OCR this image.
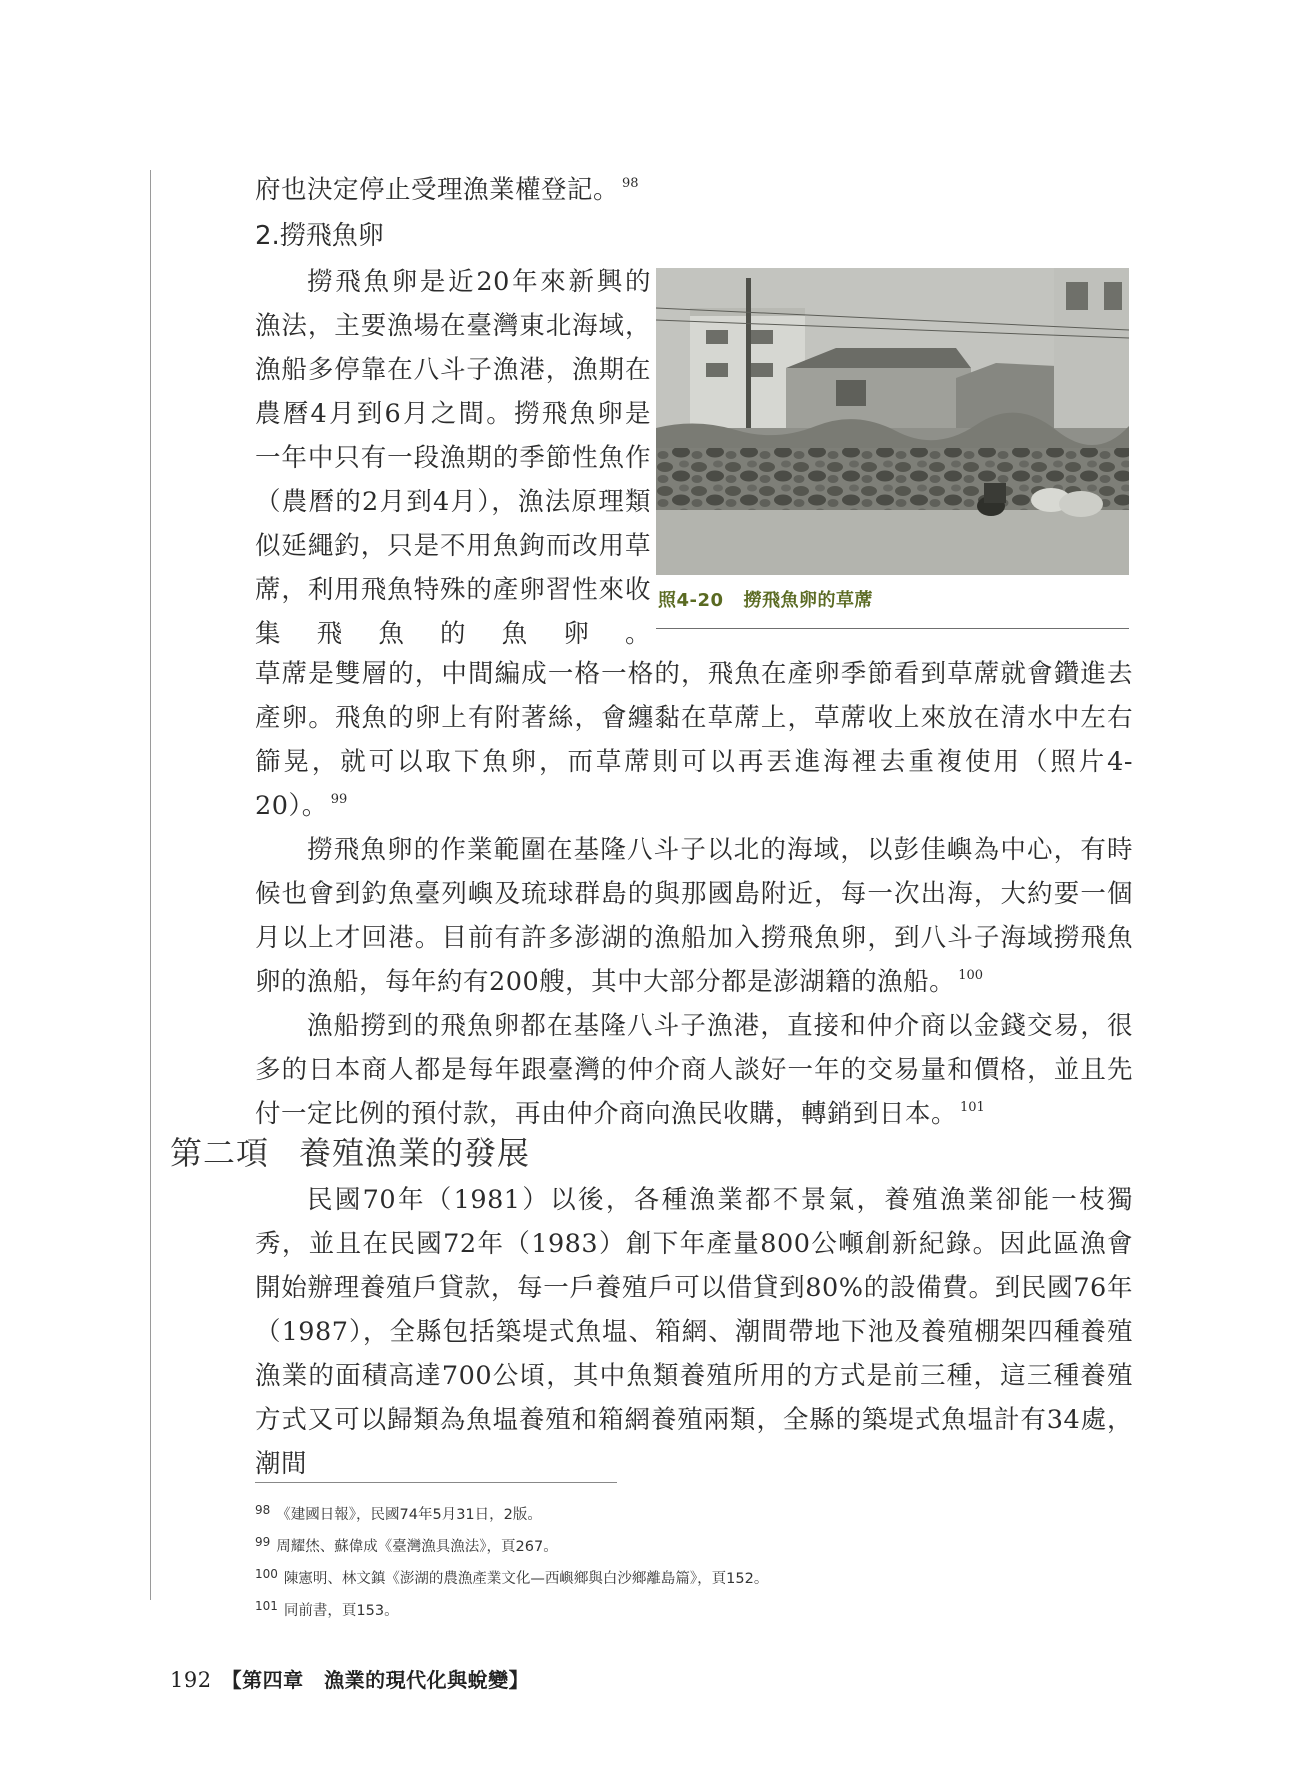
府也決定停止受理漁業權登記。 $^{98}$
2.撈飛魚卵

撈飛魚卵是近20年來新興的漁法，主要漁場在臺灣東北海域，漁船多停靠在八斗子漁港，漁期在農曆4月到6月之間。撈飛魚卵是一年中只有一段漁期的季節性魚作（農曆的2月到4月），漁法原理類似延繩釣，只是不用魚鉤而改用草蓆，利用飛魚特殊的產卵習性來收集飛魚的魚卵。

照4-20 撈飛魚卵的草蓆

草蓆是雙層的，中間編成一格一格的，飛魚在產卵季節看到草蓆就會鑽進去產卵。飛魚的卵上有附著絲，會纏黏在草蓆上，草蓆收上來放在清水中左右篩晃，就可以取下魚卵，而草蓆則可以再丟進海裡去重複使用（照片4-20）。 $^{99}$

撈飛魚卵的作業範圍在基隆八斗子以北的海域，以彭佳嶼為中心，有時候也會到釣魚臺列嶼及琉球群島的與那國島附近，每一次出海，大約要一個月以上才回港。目前有許多澎湖的漁船加入撈飛魚卵，到八斗子海域撈飛魚卵的漁船，每年約有200艘，其中大部分都是澎湖籍的漁船。 $^{100}$

漁船撈到的飛魚卵都在基隆八斗子漁港，直接和仲介商以金錢交易，很多的日本商人都是每年跟臺灣的仲介商人談好一年的交易量和價格，並且先付一定比例的預付款，再由仲介商向漁民收購，轉銷到日本。 $^{101}$

第二項 養殖漁業的發展

民國70年（1981）以後，各種漁業都不景氣，養殖漁業卻能一枝獨秀，並且在民國72年（1983）創下年產量800公噸創新紀錄。因此區漁會開始辦理養殖戶貸款，每一戶養殖戶可以借貸到80%的設備費。到民國76年（1987），全縣包括築堤式魚塭、箱網、潮間帶地下池及養殖棚架四種養殖漁業的面積高達700公頃，其中魚類養殖所用的方式是前三種，這三種養殖方式又可以歸類為魚塭養殖和箱網養殖兩類，全縣的築堤式魚塭計有34處，潮間

$^{98}$ 《建國日報》，民國74年5月31日，2版。
$^{99}$ 周耀烋、蘇偉成《臺灣漁具漁法》，頁267。
$^{100}$ 陳憲明、林文鎮《澎湖的農漁產業文化—西嶼鄉與白沙鄉離島篇》，頁152。
$^{101}$ 同前書，頁153。
192 【第四章　漁業的現代化與蛻變】
